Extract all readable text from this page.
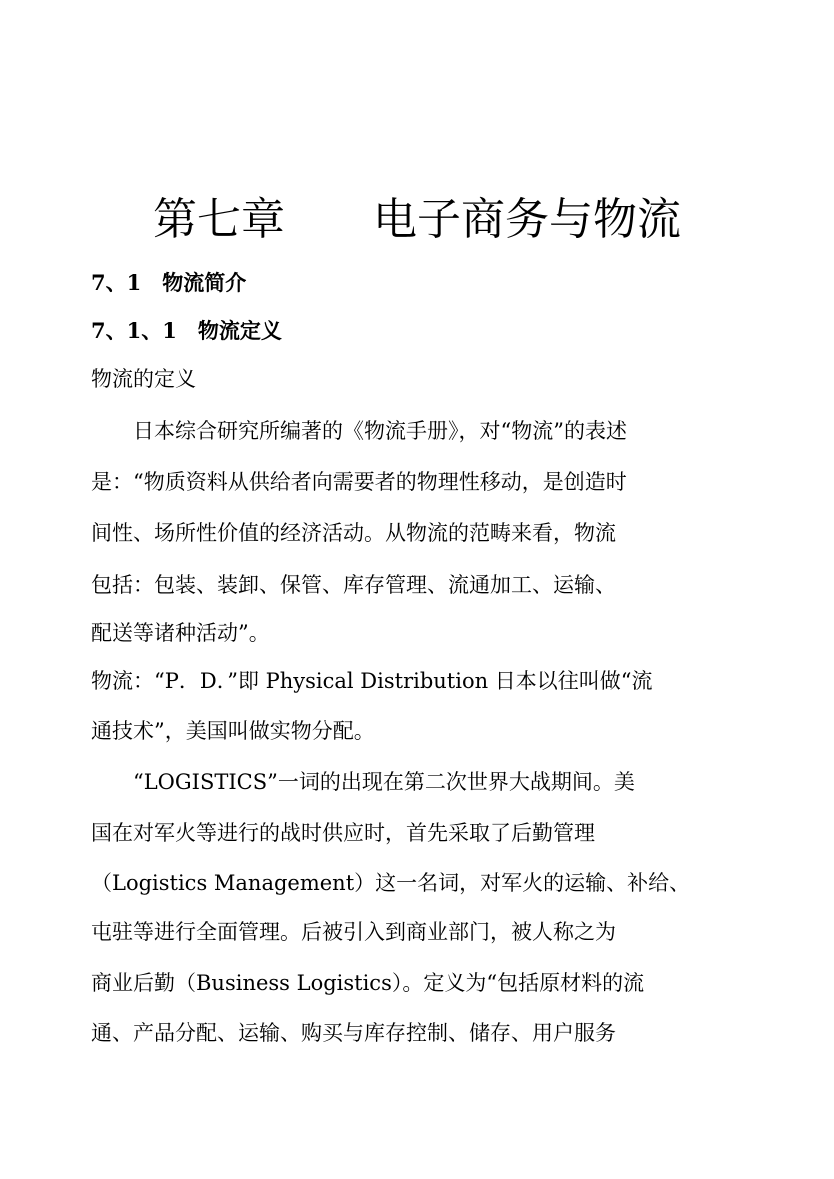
第七章 电子商务与物流
7、1　物流简介
7、1、1　物流定义
物流的定义
日本综合研究所编著的《物流手册》，对“物流”的表述
是：“物质资料从供给者向需要者的物理性移动，是创造时
间性、场所性价值的经济活动。从物流的范畴来看，物流
包括：包装、装卸、保管、库存管理、流通加工、运输、
配送等诸种活动”。
物流：“P．D．”即 Physical Distribution 日本以往叫做“流
通技术”，美国叫做实物分配。
“LOGISTICS”一词的出现在第二次世界大战期间。美
国在对军火等进行的战时供应时，首先采取了后勤管理
（Logistics Management）这一名词，对军火的运输、补给、
屯驻等进行全面管理。后被引入到商业部门，被人称之为
商业后勤（Business Logistics）。定义为“包括原材料的流
通、产品分配、运输、购买与库存控制、储存、用户服务
